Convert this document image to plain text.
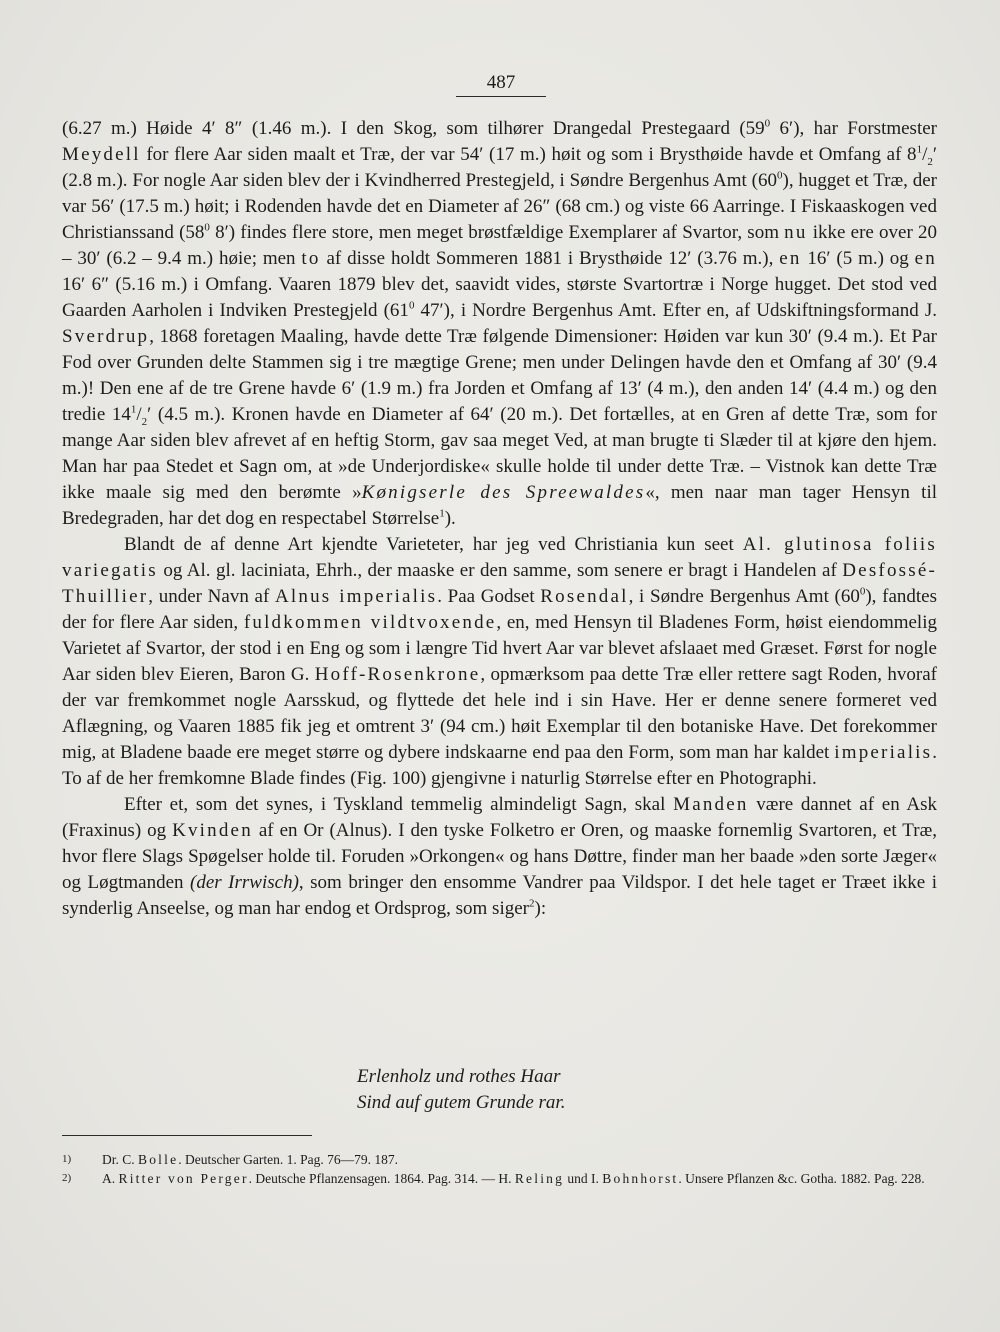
487

(6.27 m.) Høide 4′ 8″ (1.46 m.). I den Skog, som tilhører Drangedal Prestegaard ($59^0$ 6′), har Forstmester Meydell for flere Aar siden maalt et Træ, der var 54′ (17 m.) høit og som i Brysthøide havde et Omfang af $8^1/_2'$ (2.8 m.). For nogle Aar siden blev der i Kvindherred Prestegjeld, i Søndre Bergenhus Amt $(60^0)$, hugget et Træ, der var 56′ (17.5 m.) høit; i Rodenden havde det en Diameter af 26″ (68 cm.) og viste 66 Aarringe. I Fiskaaskogen ved Christianssand ($58^0$ 8′) findes flere store, men meget brøstfældige Exemplarer af Svartor, som nu ikke ere over 20 – 30′ (6.2 – 9.4 m.) høie; men to af disse holdt Sommeren 1881 i Brysthøide 12′ (3.76 m.), en 16′ (5 m.) og en 16′ 6″ (5.16 m.) i Omfang. Vaaren 1879 blev det, saavidt vides, største Svartortræ i Norge hugget. Det stod ved Gaarden Aarholen i Indviken Prestegjeld ($61^0$ 47′), i Nordre Bergenhus Amt. Efter en, af Udskiftningsformand J. Sverdrup, 1868 foretagen Maaling, havde dette Træ følgende Dimensioner: Høiden var kun 30′ (9.4 m.). Et Par Fod over Grunden delte Stammen sig i tre mægtige Grene; men under Delingen havde den et Omfang af 30′ (9.4 m.)! Den ene af de tre Grene havde 6′ (1.9 m.) fra Jorden et Omfang af 13′ (4 m.), den anden 14′ (4.4 m.) og den tredie $14^1/_2'$ (4.5 m.). Kronen havde en Diameter af 64′ (20 m.). Det fortælles, at en Gren af dette Træ, som for mange Aar siden blev afrevet af en heftig Storm, gav saa meget Ved, at man brugte ti Slæder til at kjøre den hjem. Man har paa Stedet et Sagn om, at »de Underjordiske« skulle holde til under dette Træ. – Vistnok kan dette Træ ikke maale sig med den berømte »Kønigserle des Spreewaldes«, men naar man tager Hensyn til Bredegraden, har det dog en respectabel Størrelse$^1$).

Blandt de af denne Art kjendte Varieteter, har jeg ved Christiania kun seet Al. glutinosa foliis variegatis og Al. gl. laciniata, Ehrh., der maaske er den samme, som senere er bragt i Handelen af Desfossé-Thuillier, under Navn af Alnus imperialis. Paa Godset Rosendal, i Søndre Bergenhus Amt $(60^0)$, fandtes der for flere Aar siden, fuldkommen vildtvoxende, en, med Hensyn til Bladenes Form, høist eiendommelig Varietet af Svartor, der stod i en Eng og som i længre Tid hvert Aar var blevet afslaaet med Græset. Først for nogle Aar siden blev Eieren, Baron G. Hoff-Rosenkrone, opmærksom paa dette Træ eller rettere sagt Roden, hvoraf der var fremkommet nogle Aarsskud, og flyttede det hele ind i sin Have. Her er denne senere formeret ved Aflægning, og Vaaren 1885 fik jeg et omtrent 3′ (94 cm.) høit Exemplar til den botaniske Have. Det forekommer mig, at Bladene baade ere meget større og dybere indskaarne end paa den Form, som man har kaldet imperialis. To af de her fremkomne Blade findes (Fig. 100) gjengivne i naturlig Størrelse efter en Photographi.

Efter et, som det synes, i Tyskland temmelig almindeligt Sagn, skal Manden være dannet af en Ask (Fraxinus) og Kvinden af en Or (Alnus). I den tyske Folketro er Oren, og maaske fornemlig Svartoren, et Træ, hvor flere Slags Spøgelser holde til. Foruden »Orkongen« og hans Døttre, finder man her baade »den sorte Jæger« og Løgtmanden (der Irrwisch), som bringer den ensomme Vandrer paa Vildspor. I det hele taget er Træet ikke i synderlig Anseelse, og man har endog et Ordsprog, som siger$^2$):

Erlenholz und rothes Haar
Sind auf gutem Grunde rar.
1)	Dr. C. Bolle. Deutscher Garten. 1. Pag. 76—79. 187.
2)	A. Ritter von Perger. Deutsche Pflanzensagen. 1864. Pag. 314. — H. Reling und I. Bohnhorst. Unsere Pflanzen &c. Gotha. 1882. Pag. 228.
